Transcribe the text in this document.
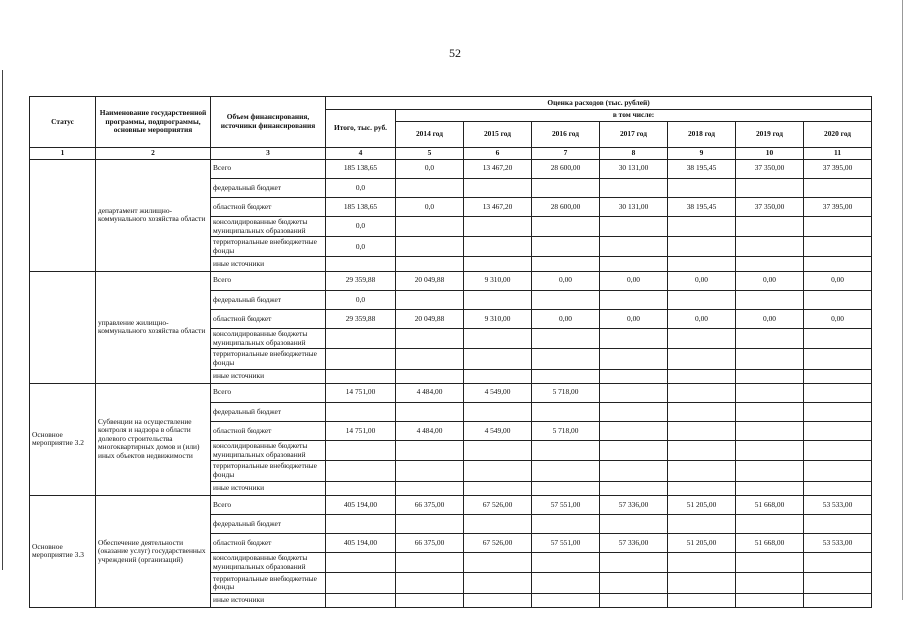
52
Статус	Наименование государственной программы, подпрограммы, основные мероприятия	Объем финансирования, источники финансирования	Оценка расходов (тыс. рублей)							
			Итого, тыс. руб.	в том числе:						
				2014 год	2015 год	2016 год	2017 год	2018 год	2019 год	2020 год
1	2	3	4	5	6	7	8	9	10	11
	департамент жилищно-коммунального хозяйства области	Всего	185 138,65	0,0	13 467,20	28 600,00	30 131,00	38 195,45	37 350,00	37 395,00
		федеральный бюджет	0,0							
		областной бюджет	185 138,65	0,0	13 467,20	28 600,00	30 131,00	38 195,45	37 350,00	37 395,00
		консолидированные бюджеты муниципальных образований	0,0							
		территориальные внебюджетные фонды	0,0							
		иные источники								
	управление жилищно-коммунального хозяйства области	Всего	29 359,88	20 049,88	9 310,00	0,00	0,00	0,00	0,00	0,00
		федеральный бюджет	0,0							
		областной бюджет	29 359,88	20 049,88	9 310,00	0,00	0,00	0,00	0,00	0,00
		консолидированные бюджеты муниципальных образований								
		территориальные внебюджетные фонды								
		иные источники								
Основное мероприятие 3.2	Субвенции на осуществление контроля и надзора в области долевого строительства многоквартирных домов и (или) иных объектов недвижимости	Всего	14 751,00	4 484,00	4 549,00	5 718,00				
		федеральный бюджет								
		областной бюджет	14 751,00	4 484,00	4 549,00	5 718,00				
		консолидированные бюджеты муниципальных образований								
		территориальные внебюджетные фонды								
		иные источники								
Основное мероприятие 3.3	Обеспечение деятельности (оказание услуг) государственных учреждений (организаций)	Всего	405 194,00	66 375,00	67 526,00	57 551,00	57 336,00	51 205,00	51 668,00	53 533,00
		федеральный бюджет								
		областной бюджет	405 194,00	66 375,00	67 526,00	57 551,00	57 336,00	51 205,00	51 668,00	53 533,00
		консолидированные бюджеты муниципальных образований								
		территориальные внебюджетные фонды								
		иные источники								
